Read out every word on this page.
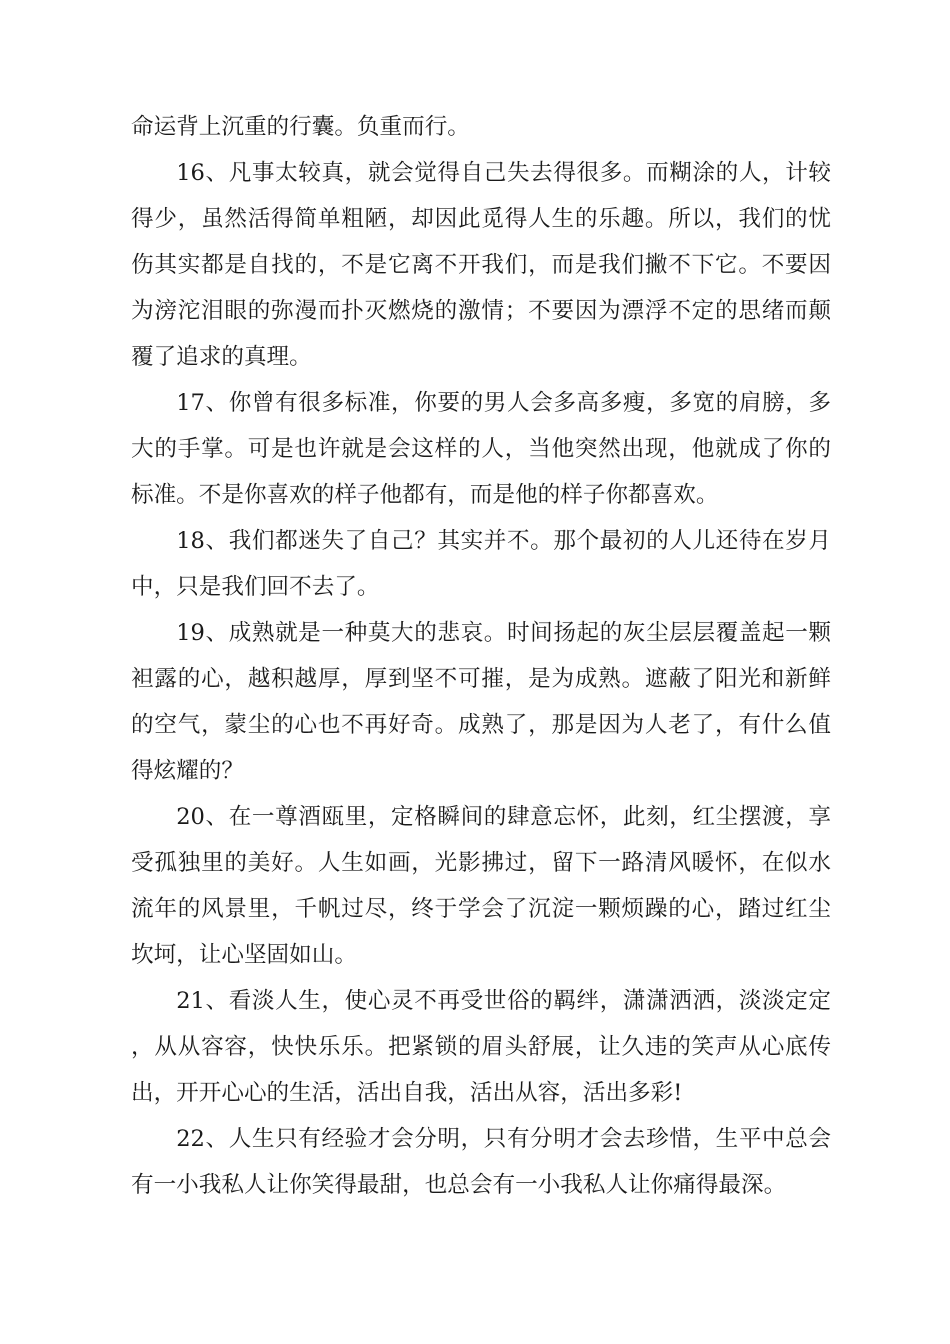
命运背上沉重的行囊。负重而行。

16、凡事太较真，就会觉得自己失去得很多。而糊涂的人，计较得少，虽然活得简单粗陋，却因此觅得人生的乐趣。所以，我们的忧伤其实都是自找的，不是它离不开我们，而是我们撇不下它。不要因为滂沱泪眼的弥漫而扑灭燃烧的激情；不要因为漂浮不定的思绪而颠覆了追求的真理。

17、你曾有很多标准，你要的男人会多高多瘦，多宽的肩膀，多大的手掌。可是也许就是会这样的人，当他突然出现，他就成了你的标准。不是你喜欢的样子他都有，而是他的样子你都喜欢。

18、我们都迷失了自己？其实并不。那个最初的人儿还待在岁月中，只是我们回不去了。

19、成熟就是一种莫大的悲哀。时间扬起的灰尘层层覆盖起一颗袒露的心，越积越厚，厚到坚不可摧，是为成熟。遮蔽了阳光和新鲜的空气，蒙尘的心也不再好奇。成熟了，那是因为人老了，有什么值得炫耀的？

20、在一尊酒瓯里，定格瞬间的肆意忘怀，此刻，红尘摆渡，享受孤独里的美好。人生如画，光影拂过，留下一路清风暖怀，在似水流年的风景里，千帆过尽，终于学会了沉淀一颗烦躁的心，踏过红尘坎坷，让心坚固如山。

21、看淡人生，使心灵不再受世俗的羁绊，潇潇洒洒，淡淡定定，从从容容，快快乐乐。把紧锁的眉头舒展，让久违的笑声从心底传出，开开心心的生活，活出自我，活出从容，活出多彩!

22、人生只有经验才会分明，只有分明才会去珍惜，生平中总会有一小我私人让你笑得最甜，也总会有一小我私人让你痛得最深。
